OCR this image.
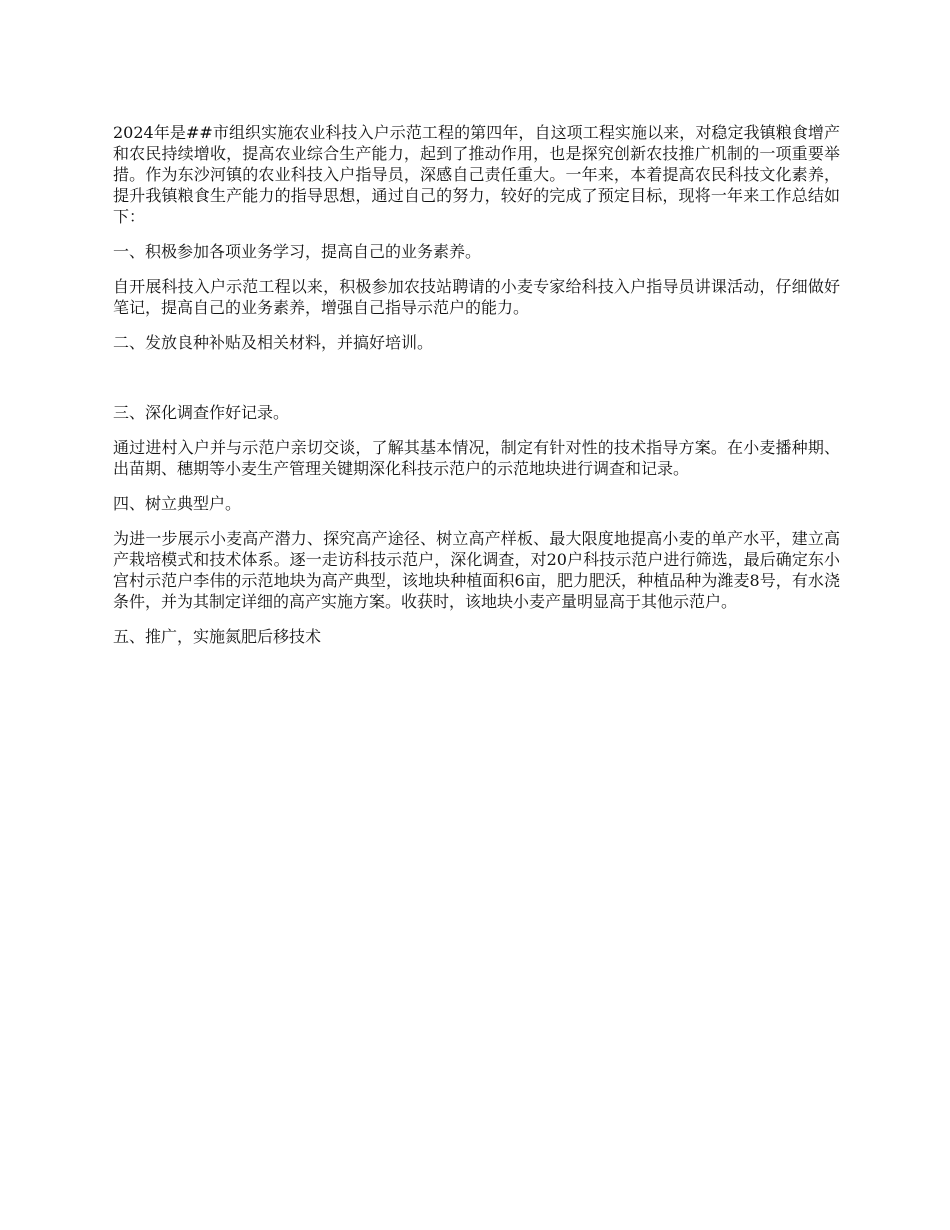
2024年是##市组织实施农业科技入户示范工程的第四年，自这项工程实施以来，对稳定我镇粮食增产和农民持续增收，提高农业综合生产能力，起到了推动作用，也是探究创新农技推广机制的一项重要举措。作为东沙河镇的农业科技入户指导员，深感自己责任重大。一年来，本着提高农民科技文化素养，提升我镇粮食生产能力的指导思想，通过自己的努力，较好的完成了预定目标，现将一年来工作总结如下：

一、积极参加各项业务学习，提高自己的业务素养。

自开展科技入户示范工程以来，积极参加农技站聘请的小麦专家给科技入户指导员讲课活动，仔细做好笔记，提高自己的业务素养，增强自己指导示范户的能力。

二、发放良种补贴及相关材料，并搞好培训。

三、深化调查作好记录。

通过进村入户并与示范户亲切交谈，了解其基本情况，制定有针对性的技术指导方案。在小麦播种期、出苗期、穗期等小麦生产管理关键期深化科技示范户的示范地块进行调查和记录。

四、树立典型户。

为进一步展示小麦高产潜力、探究高产途径、树立高产样板、最大限度地提高小麦的单产水平，建立高产栽培模式和技术体系。逐一走访科技示范户，深化调查，对20户科技示范户进行筛选，最后确定东小宫村示范户李伟的示范地块为高产典型，该地块种植面积6亩，肥力肥沃，种植品种为潍麦8号，有水浇条件，并为其制定详细的高产实施方案。收获时，该地块小麦产量明显高于其他示范户。

五、推广，实施氮肥后移技术
